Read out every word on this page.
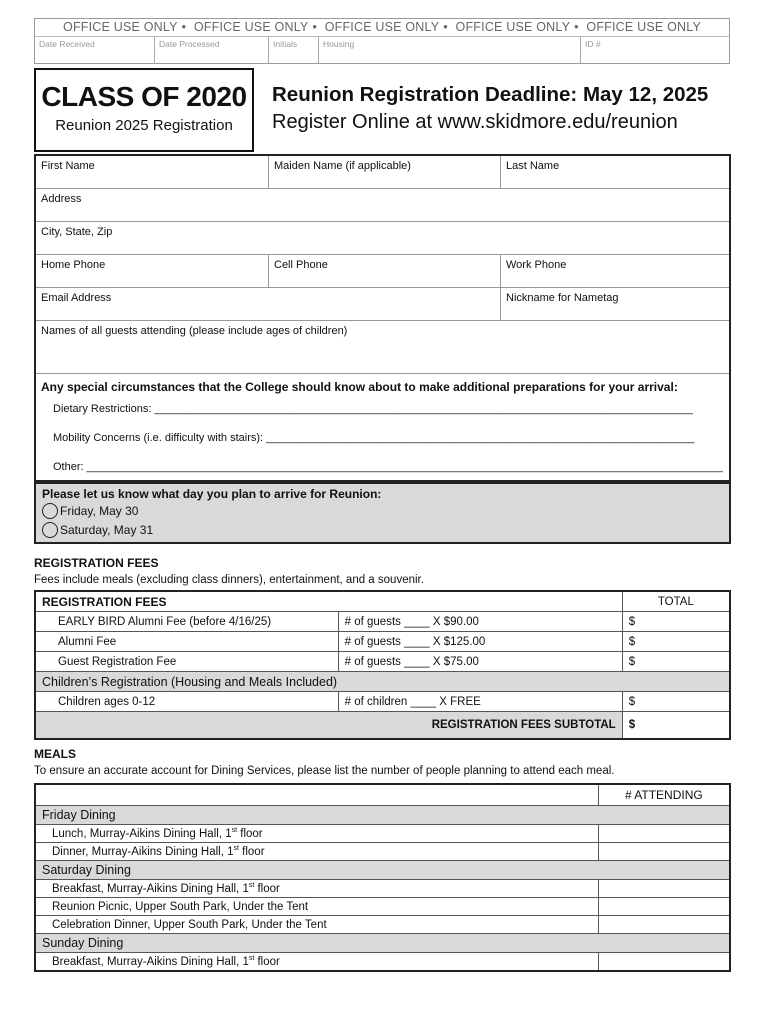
OFFICE USE ONLY • OFFICE USE ONLY • OFFICE USE ONLY • OFFICE USE ONLY • OFFICE USE ONLY
Date Received	Date Processed	Initials	Housing	ID #
CLASS OF 2020
Reunion 2025 Registration
Reunion Registration Deadline: May 12, 2025
Register Online at www.skidmore.edu/reunion
First Name	Maiden Name (if applicable)	Last Name
Address
City, State, Zip
Home Phone	Cell Phone	Work Phone
Email Address	Nickname for Nametag
Names of all guests attending (please include ages of children)
Any special circumstances that the College should know about to make additional preparations for your arrival:
Dietary Restrictions: ________________________________________________________________________________________
Mobility Concerns (i.e. difficulty with stairs): ______________________________________________________________________
Other: ________________________________________________________________________________________________________
Please let us know what day you plan to arrive for Reunion:
Friday, May 30
Saturday, May 31
REGISTRATION FEES
Fees include meals (excluding class dinners), entertainment, and a souvenir.
REGISTRATION FEES		TOTAL
EARLY BIRD Alumni Fee (before 4/16/25)	# of guests ____ X $90.00	$
Alumni Fee	# of guests ____ X $125.00	$
Guest Registration Fee	# of guests ____ X $75.00	$
Children’s Registration (Housing and Meals Included)		
Children ages 0-12	# of children ____ X FREE	$
REGISTRATION FEES SUBTOTAL		$
MEALS
To ensure an accurate account for Dining Services, please list the number of people planning to attend each meal.
	# ATTENDING
Friday Dining	
Lunch, Murray-Aikins Dining Hall, 1st floor	
Dinner, Murray-Aikins Dining Hall, 1st floor	
Saturday Dining	
Breakfast, Murray-Aikins Dining Hall, 1st floor	
Reunion Picnic, Upper South Park, Under the Tent	
Celebration Dinner, Upper South Park, Under the Tent	
Sunday Dining	
Breakfast, Murray-Aikins Dining Hall, 1st floor	
